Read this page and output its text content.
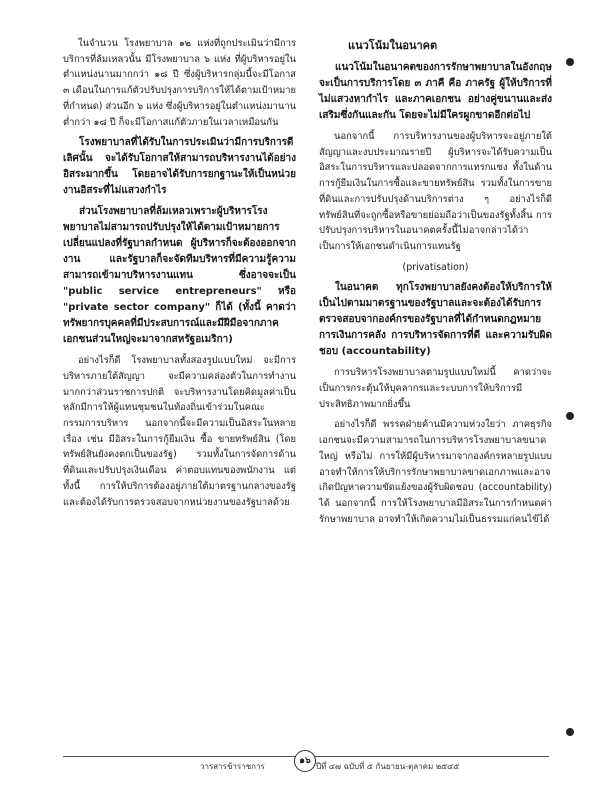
ในจำนวน โรงพยาบาล ๑๒ แห่งที่ถูกประเมินว่ามีการบริการที่ล้มเหลวนั้น มีโรงพยาบาล ๖ แห่ง ที่ผู้บริหารอยู่ในตำแหน่งนานมากกว่า ๑๘ ปี ซึ่งผู้บริหารกลุ่มนี้จะมีโอกาส ๓ เดือนในการแก้ตัวปรับปรุงการบริการให้ได้ตามเป้าหมายที่กำหนด) ส่วนอีก ๖ แห่ง ซึ่งผู้บริหารอยู่ในตำแหน่งมานานต่ำกว่า ๑๘ ปี ก็จะมีโอกาสแก้ตัวภายในเวลาเหมือนกัน

โรงพยาบาลที่ได้รับในการประเมินว่ามีการบริการดีเลิศนั้น จะได้รับโอกาสให้สามารถบริหารงานได้อย่างอิสระมากขึ้น โดยอาจได้รับการยกฐานะให้เป็นหน่วยงานอิสระที่ไม่แสวงกำไร

ส่วนโรงพยาบาลที่ล้มเหลวเพราะผู้บริหารโรงพยาบาลไม่สามารถปรับปรุงให้ได้ตามเป้าหมายการเปลี่ยนแปลงที่รัฐบาลกำหนด ผู้บริหารก็จะต้องออกจากงาน และรัฐบาลก็จะจัดทีมบริหารที่มีความรู้ความสามารถเข้ามาบริหารงานแทน ซึ่งอาจจะเป็น "public service entrepreneurs" หรือ "private sector company" ก็ได้ (ทั้งนี้ คาดว่าทรัพยากรบุคคลที่มีประสบการณ์และมีฝีมือจากภาคเอกชนส่วนใหญ่จะมาจากสหรัฐอเมริกา)

อย่างไรก็ดี โรงพยาบาลทั้งสองรูปแบบใหม่ จะมีการบริหารภายใต้สัญญา จะมีความคล่องตัวในการทำงานมากกว่าส่วนราชการปกติ จะบริหารงานโดยคิดมูลค่าเป็นหลักมีการให้ผู้แทนชุมชนในท้องถิ่นเข้าร่วมในคณะกรรมการบริหาร นอกจากนี้จะมีความเป็นอิสระในหลายเรื่อง เช่น มีอิสระในการกู้ยืมเงิน ซื้อ ขายทรัพย์สิน (โดยทรัพย์สินยังคงตกเป็นของรัฐ) รวมทั้งในการจัดการด้านที่ดินและปรับปรุงเงินเดือน ค่าตอบแทนของพนักงาน แต่ทั้งนี้ การให้บริการต้องอยู่ภายใต้มาตรฐานกลางของรัฐและต้องได้รับการตรวจสอบจากหน่วยงานของรัฐบาลด้วย

แนวโน้มในอนาคต

แนวโน้มในอนาคตของการรักษาพยาบาลในอังกฤษ จะเป็นการบริการโดย ๓ ภาคี คือ ภาครัฐ ผู้ให้บริการที่ไม่แสวงหากำไร และภาคเอกชน อย่างคู่ขนานและส่งเสริมซึ่งกันและกัน โดยจะไม่มีใครผูกขาดอีกต่อไป

นอกจากนี้ การบริหารงานของผู้บริหารจะอยู่ภายใต้สัญญาและงบประมาณรายปี ผู้บริหารจะได้รับความเป็นอิสระในการบริหารและปลอดจากการแทรกแซง ทั้งในด้านการกู้ยืมเงินในการซื้อและขายทรัพย์สิน รวมทั้งในการขายที่ดินและการปรับปรุงด้านบริการต่าง ๆ อย่างไรก็ดีทรัพย์สินที่จะถูกซื้อหรือขายย่อมถือว่าเป็นของรัฐทั้งสิ้น การปรับปรุงการบริหารในอนาคตครั้งนี้ไม่อาจกล่าวได้ว่าเป็นการให้เอกชนดำเนินการแทนรัฐ

(privatisation)

ในอนาคต ทุกโรงพยาบาลยังคงต้องให้บริการให้เป็นไปตามมาตรฐานของรัฐบาลและจะต้องได้รับการตรวจสอบจากองค์กรของรัฐบาลที่ได้กำหนดกฎหมาย การเงินการคลัง การบริหารจัดการที่ดี และความรับผิดชอบ (accountability)

การบริหารโรงพยาบาลตามรูปแบบใหม่นี้ คาดว่าจะเป็นการกระตุ้นให้บุคลากรและระบบการให้บริการมีประสิทธิภาพมากยิ่งขึ้น

อย่างไรก็ดี พรรคฝ่ายค้านมีความห่วงใยว่า ภาคธุรกิจเอกชนจะมีความสามารถในการบริหารโรงพยาบาลขนาดใหญ่ หรือไม่ การให้มีผู้บริหารมาจากองค์กรหลายรูปแบบอาจทำให้การให้บริการรักษาพยาบาลขาดเอกภาพและอาจเกิดปัญหาความขัดแย้งของผู้รับผิดชอบ (accountability) ได้ นอกจากนี้ การให้โรงพยาบาลมีอิสระในการกำหนดค่ารักษาพยาบาล อาจทำให้เกิดความไม่เป็นธรรมแก่คนไข้ได้

วารสารข้าราชการ
๑๖
ปีที่ ๔๗ ฉบับที่ ๕ กันยายน-ตุลาคม ๒๕๔๕
